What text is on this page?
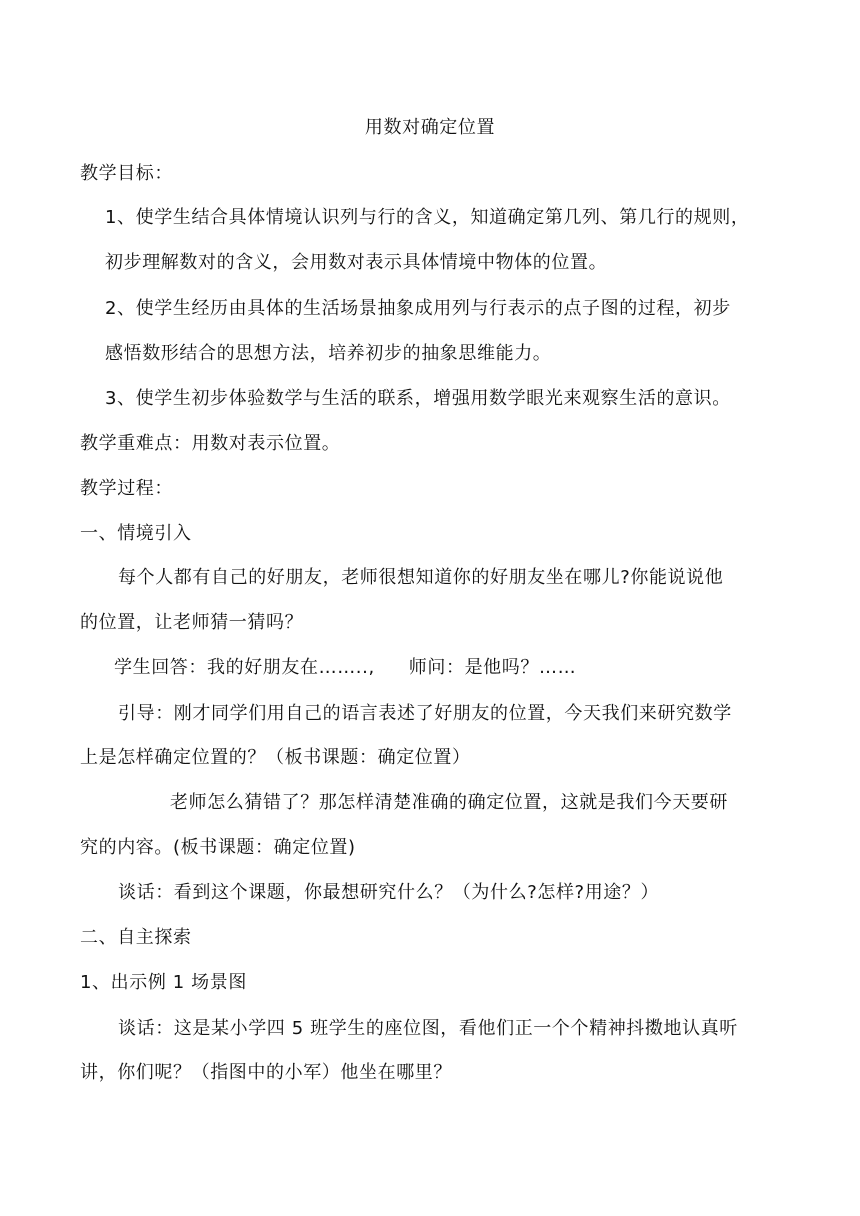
用数对确定位置
教学目标：
1、使学生结合具体情境认识列与行的含义，知道确定第几列、第几行的规则，
初步理解数对的含义，会用数对表示具体情境中物体的位置。
2、使学生经历由具体的生活场景抽象成用列与行表示的点子图的过程，初步
感悟数形结合的思想方法，培养初步的抽象思维能力。
3、使学生初步体验数学与生活的联系，增强用数学眼光来观察生活的意识。
教学重难点：用数对表示位置。
教学过程：
一、情境引入
每个人都有自己的好朋友，老师很想知道你的好朋友坐在哪儿?你能说说他
的位置，让老师猜一猜吗？
学生回答：我的好朋友在…….., 师问：是他吗？……
引导：刚才同学们用自己的语言表述了好朋友的位置，今天我们来研究数学
上是怎样确定位置的？（板书课题：确定位置）
老师怎么猜错了？那怎样清楚准确的确定位置，这就是我们今天要研
究的内容。(板书课题：确定位置)
谈话：看到这个课题，你最想研究什么？（为什么?怎样?用途？）
二、自主探索
1、出示例 1 场景图
谈话：这是某小学四 5 班学生的座位图，看他们正一个个精神抖擞地认真听
讲，你们呢？（指图中的小军）他坐在哪里？
